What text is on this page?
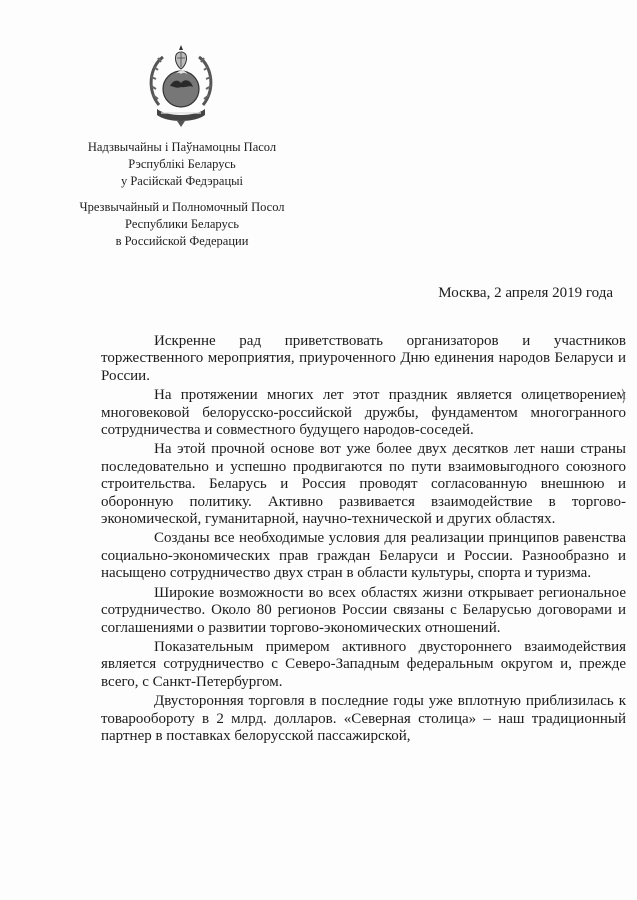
Надзвычайны і Паўнамоцны Пасол
Рэспублікі Беларусь
у Расійскай Федэрацыі
Чрезвычайный и Полномочный Посол
Республики Беларусь
в Российской Федерации
Москва, 2 апреля 2019 года

Искренне рад приветствовать организаторов и участников торжественного мероприятия, приуроченного Дню единения народов Беларуси и России.

На протяжении многих лет этот праздник является олицетворением многовековой белорусско-российской дружбы, фундаментом многогранного сотрудничества и совместного будущего народов-соседей.

На этой прочной основе вот уже более двух десятков лет наши страны последовательно и успешно продвигаются по пути взаимовыгодного союзного строительства. Беларусь и Россия проводят согласованную внешнюю и оборонную политику. Активно развивается взаимодействие в торгово-экономической, гуманитарной, научно-технической и других областях.

Созданы все необходимые условия для реализации принципов равенства социально-экономических прав граждан Беларуси и России. Разнообразно и насыщено сотрудничество двух стран в области культуры, спорта и туризма.

Широкие возможности во всех областях жизни открывает региональное сотрудничество. Около 80 регионов России связаны с Беларусью договорами и соглашениями о развитии торгово-экономических отношений.

Показательным примером активного двустороннего взаимодействия является сотрудничество с Северо-Западным федеральным округом и, прежде всего, с Санкт-Петербургом.

Двусторонняя торговля в последние годы уже вплотную приблизилась к товарообороту в 2 млрд. долларов. «Северная столица» – наш традиционный партнер в поставках белорусской пассажирской,
